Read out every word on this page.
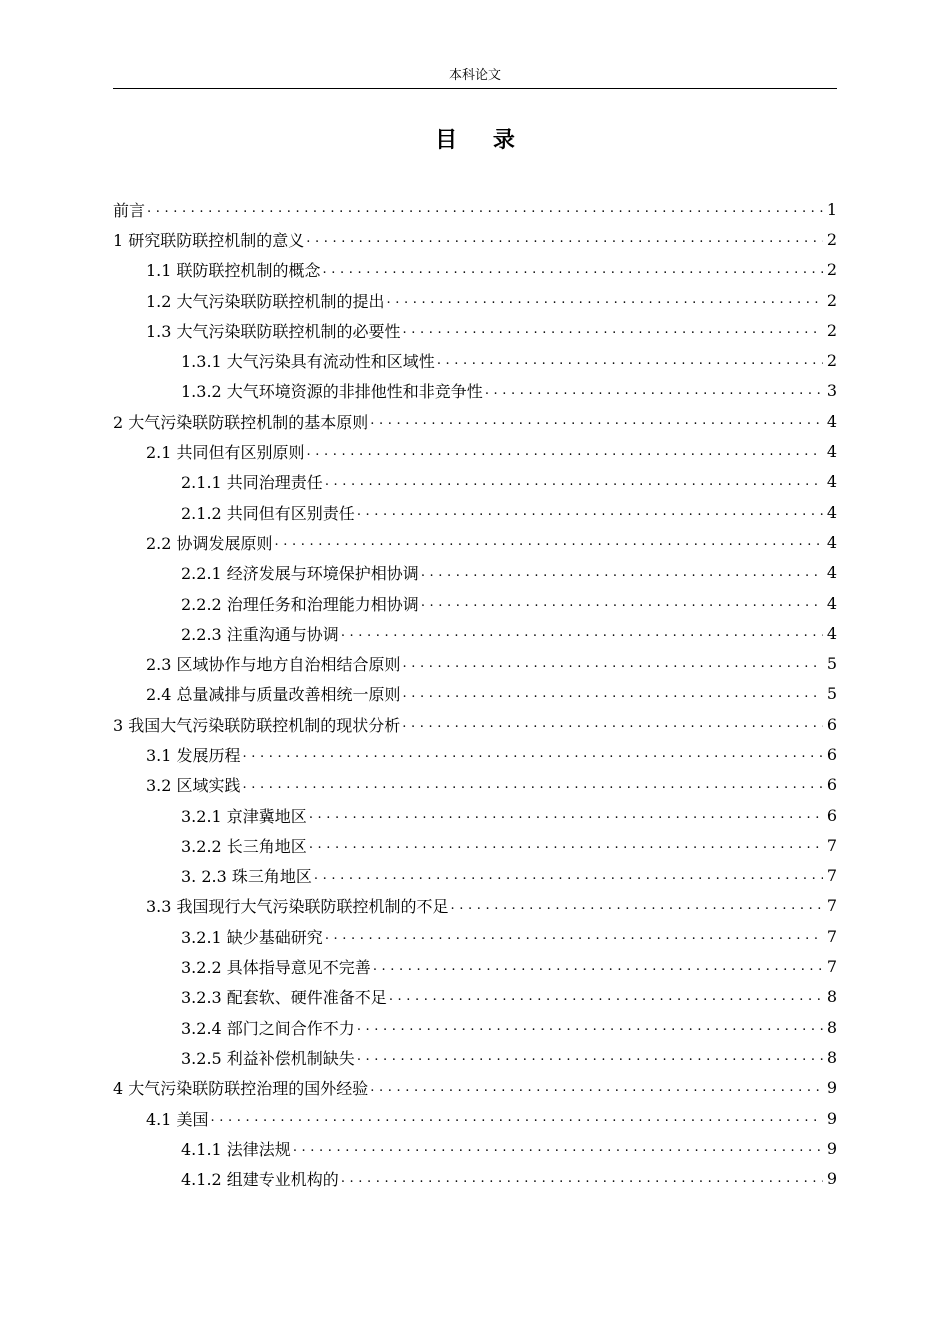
本科论文
目 录
前言 .....	1
1 研究联防联控机制的意义 .....	2
1.1 联防联控机制的概念 .....	2
1.2 大气污染联防联控机制的提出 .....	2
1.3 大气污染联防联控机制的必要性 .....	2
1.3.1 大气污染具有流动性和区域性 .....	2
1.3.2 大气环境资源的非排他性和非竞争性 .....	3
2 大气污染联防联控机制的基本原则 .....	4
2.1 共同但有区别原则 .....	4
2.1.1 共同治理责任 .....	4
2.1.2 共同但有区别责任 .....	4
2.2 协调发展原则 .....	4
2.2.1 经济发展与环境保护相协调 .....	4
2.2.2 治理任务和治理能力相协调 .....	4
2.2.3 注重沟通与协调 .....	4
2.3 区域协作与地方自治相结合原则 .....	5
2.4 总量减排与质量改善相统一原则 .....	5
3 我国大气污染联防联控机制的现状分析 .....	6
3.1 发展历程 .....	6
3.2 区域实践 .....	6
3.2.1 京津冀地区 .....	6
3.2.2 长三角地区 .....	7
3. 2.3 珠三角地区 .....	7
3.3 我国现行大气污染联防联控机制的不足 .....	7
3.2.1 缺少基础研究 .....	7
3.2.2 具体指导意见不完善 .....	7
3.2.3 配套软、硬件准备不足 .....	8
3.2.4 部门之间合作不力 .....	8
3.2.5 利益补偿机制缺失 .....	8
4 大气污染联防联控治理的国外经验 .....	9
4.1 美国 .....	9
4.1.1 法律法规 .....	9
4.1.2 组建专业机构的 .....	9
